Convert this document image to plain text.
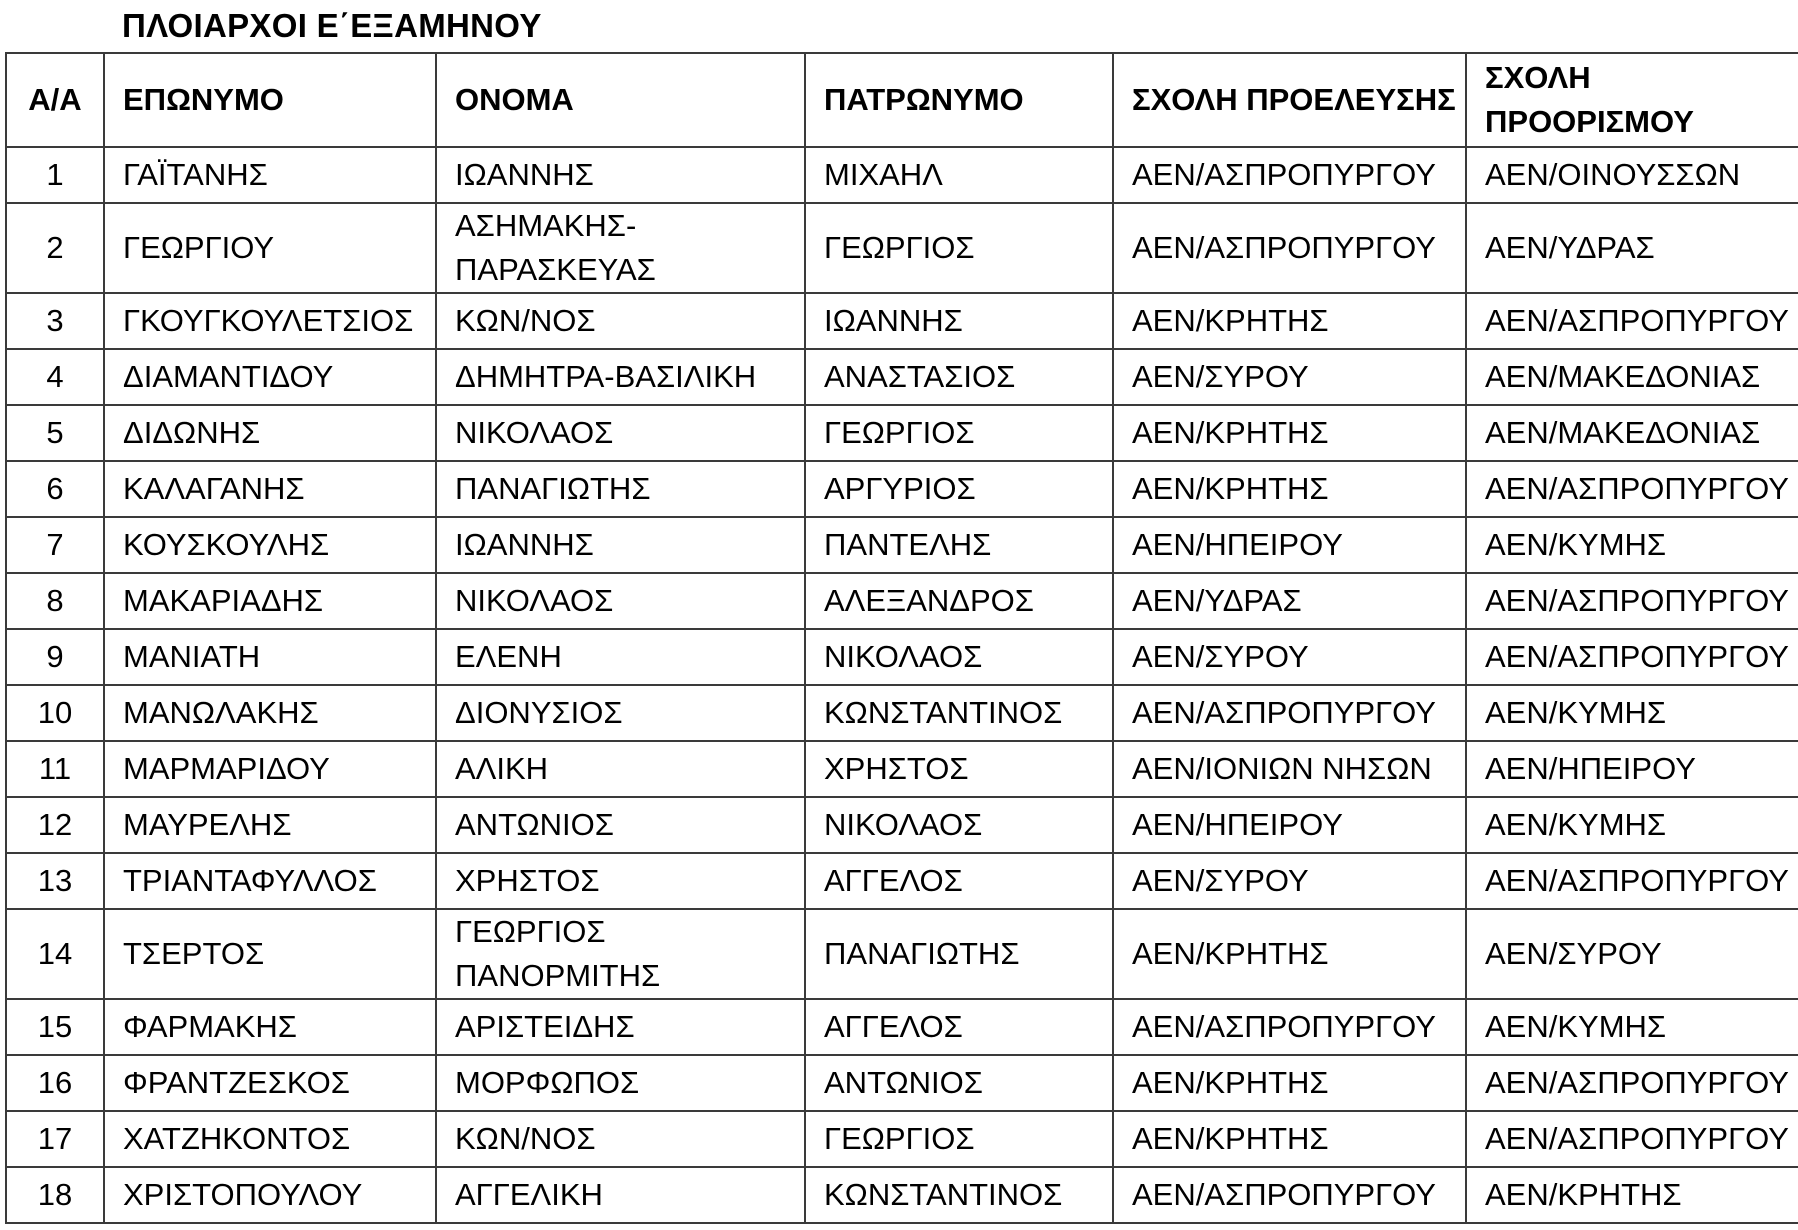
ΠΛΟΙΑΡΧΟΙ Ε΄ΕΞΑΜΗΝΟΥ
Α/Α	ΕΠΩΝΥΜΟ	ΟΝΟΜΑ	ΠΑΤΡΩΝΥΜΟ	ΣΧΟΛΗ ΠΡΟΕΛΕΥΣΗΣ	ΣΧΟΛΗ ΠΡΟΟΡΙΣΜΟΥ
1	ΓΑΪΤΑΝΗΣ	ΙΩΑΝΝΗΣ	ΜΙΧΑΗΛ	ΑΕΝ/ΑΣΠΡΟΠΥΡΓΟΥ	ΑΕΝ/ΟΙΝΟΥΣΣΩΝ
2	ΓΕΩΡΓΙΟΥ	ΑΣΗΜΑΚΗΣ-ΠΑΡΑΣΚΕΥΑΣ	ΓΕΩΡΓΙΟΣ	ΑΕΝ/ΑΣΠΡΟΠΥΡΓΟΥ	ΑΕΝ/ΥΔΡΑΣ
3	ΓΚΟΥΓΚΟΥΛΕΤΣΙΟΣ	ΚΩΝ/ΝΟΣ	ΙΩΑΝΝΗΣ	ΑΕΝ/ΚΡΗΤΗΣ	ΑΕΝ/ΑΣΠΡΟΠΥΡΓΟΥ
4	ΔΙΑΜΑΝΤΙΔΟΥ	ΔΗΜΗΤΡΑ-ΒΑΣΙΛΙΚΗ	ΑΝΑΣΤΑΣΙΟΣ	ΑΕΝ/ΣΥΡΟΥ	ΑΕΝ/ΜΑΚΕΔΟΝΙΑΣ
5	ΔΙΔΩΝΗΣ	ΝΙΚΟΛΑΟΣ	ΓΕΩΡΓΙΟΣ	ΑΕΝ/ΚΡΗΤΗΣ	ΑΕΝ/ΜΑΚΕΔΟΝΙΑΣ
6	ΚΑΛΑΓΑΝΗΣ	ΠΑΝΑΓΙΩΤΗΣ	ΑΡΓΥΡΙΟΣ	ΑΕΝ/ΚΡΗΤΗΣ	ΑΕΝ/ΑΣΠΡΟΠΥΡΓΟΥ
7	ΚΟΥΣΚΟΥΛΗΣ	ΙΩΑΝΝΗΣ	ΠΑΝΤΕΛΗΣ	ΑΕΝ/ΗΠΕΙΡΟΥ	ΑΕΝ/ΚΥΜΗΣ
8	ΜΑΚΑΡΙΑΔΗΣ	ΝΙΚΟΛΑΟΣ	ΑΛΕΞΑΝΔΡΟΣ	ΑΕΝ/ΥΔΡΑΣ	ΑΕΝ/ΑΣΠΡΟΠΥΡΓΟΥ
9	ΜΑΝΙΑΤΗ	ΕΛΕΝΗ	ΝΙΚΟΛΑΟΣ	ΑΕΝ/ΣΥΡΟΥ	ΑΕΝ/ΑΣΠΡΟΠΥΡΓΟΥ
10	ΜΑΝΩΛΑΚΗΣ	ΔΙΟΝΥΣΙΟΣ	ΚΩΝΣΤΑΝΤΙΝΟΣ	ΑΕΝ/ΑΣΠΡΟΠΥΡΓΟΥ	ΑΕΝ/ΚΥΜΗΣ
11	ΜΑΡΜΑΡΙΔΟΥ	ΑΛΙΚΗ	ΧΡΗΣΤΟΣ	ΑΕΝ/ΙΟΝΙΩΝ ΝΗΣΩΝ	ΑΕΝ/ΗΠΕΙΡΟΥ
12	ΜΑΥΡΕΛΗΣ	ΑΝΤΩΝΙΟΣ	ΝΙΚΟΛΑΟΣ	ΑΕΝ/ΗΠΕΙΡΟΥ	ΑΕΝ/ΚΥΜΗΣ
13	ΤΡΙΑΝΤΑΦΥΛΛΟΣ	ΧΡΗΣΤΟΣ	ΑΓΓΕΛΟΣ	ΑΕΝ/ΣΥΡΟΥ	ΑΕΝ/ΑΣΠΡΟΠΥΡΓΟΥ
14	ΤΣΕΡΤΟΣ	ΓΕΩΡΓΙΟΣ ΠΑΝΟΡΜΙΤΗΣ	ΠΑΝΑΓΙΩΤΗΣ	ΑΕΝ/ΚΡΗΤΗΣ	ΑΕΝ/ΣΥΡΟΥ
15	ΦΑΡΜΑΚΗΣ	ΑΡΙΣΤΕΙΔΗΣ	ΑΓΓΕΛΟΣ	ΑΕΝ/ΑΣΠΡΟΠΥΡΓΟΥ	ΑΕΝ/ΚΥΜΗΣ
16	ΦΡΑΝΤΖΕΣΚΟΣ	ΜΟΡΦΩΠΟΣ	ΑΝΤΩΝΙΟΣ	ΑΕΝ/ΚΡΗΤΗΣ	ΑΕΝ/ΑΣΠΡΟΠΥΡΓΟΥ
17	ΧΑΤΖΗΚΟΝΤΟΣ	ΚΩΝ/ΝΟΣ	ΓΕΩΡΓΙΟΣ	ΑΕΝ/ΚΡΗΤΗΣ	ΑΕΝ/ΑΣΠΡΟΠΥΡΓΟΥ
18	ΧΡΙΣΤΟΠΟΥΛΟΥ	ΑΓΓΕΛΙΚΗ	ΚΩΝΣΤΑΝΤΙΝΟΣ	ΑΕΝ/ΑΣΠΡΟΠΥΡΓΟΥ	ΑΕΝ/ΚΡΗΤΗΣ
